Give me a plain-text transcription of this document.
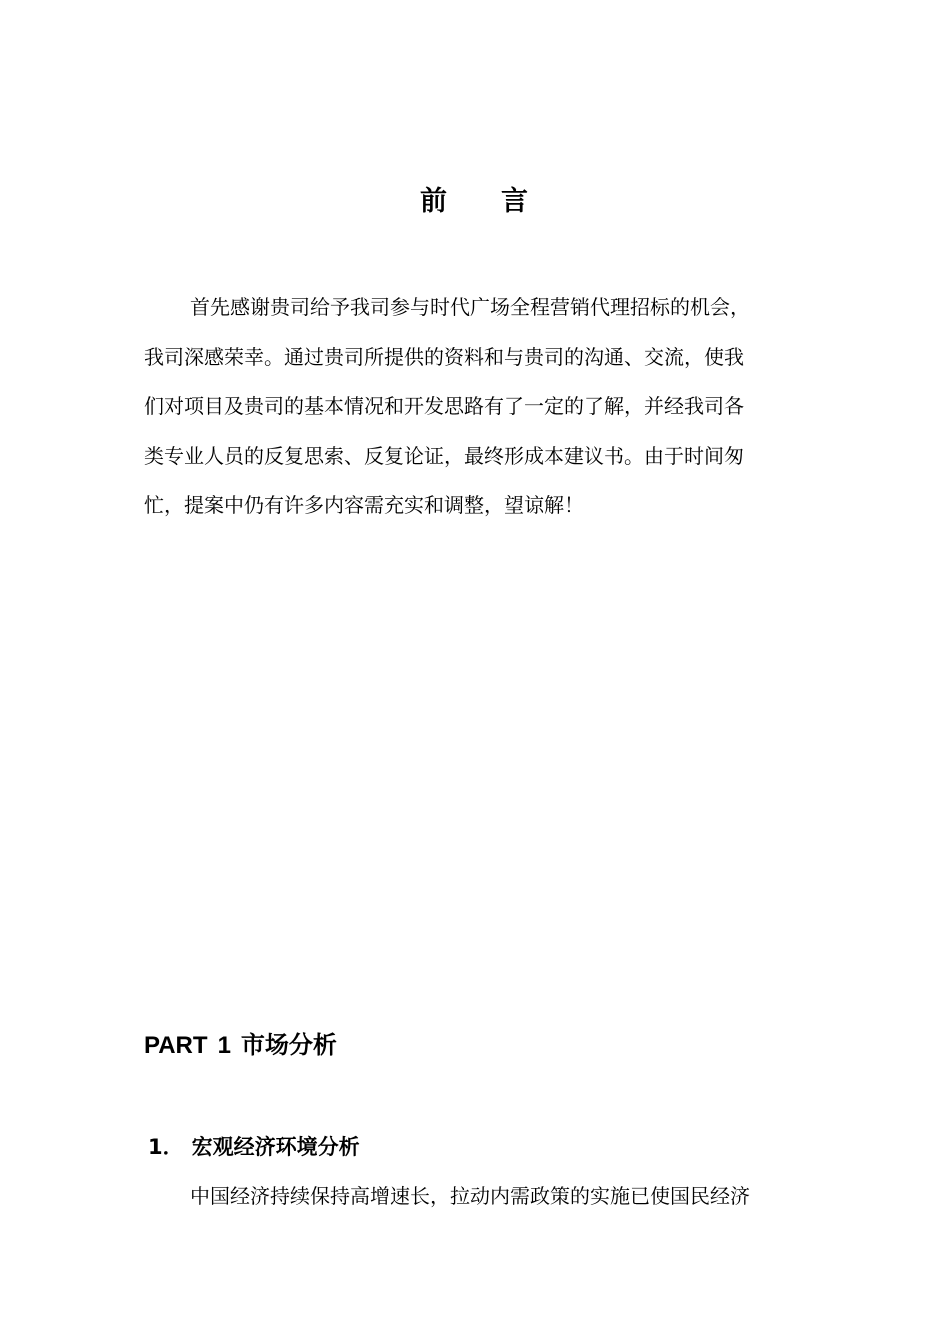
前 言
首先感谢贵司给予我司参与时代广场全程营销代理招标的机会，
我司深感荣幸。通过贵司所提供的资料和与贵司的沟通、交流，使我
们对项目及贵司的基本情况和开发思路有了一定的了解，并经我司各
类专业人员的反复思索、反复论证，最终形成本建议书。由于时间匆
忙，提案中仍有许多内容需充实和调整，望谅解！
PART 1 市场分析
1． 宏观经济环境分析
中国经济持续保持高增速长，拉动内需政策的实施已使国民经济
